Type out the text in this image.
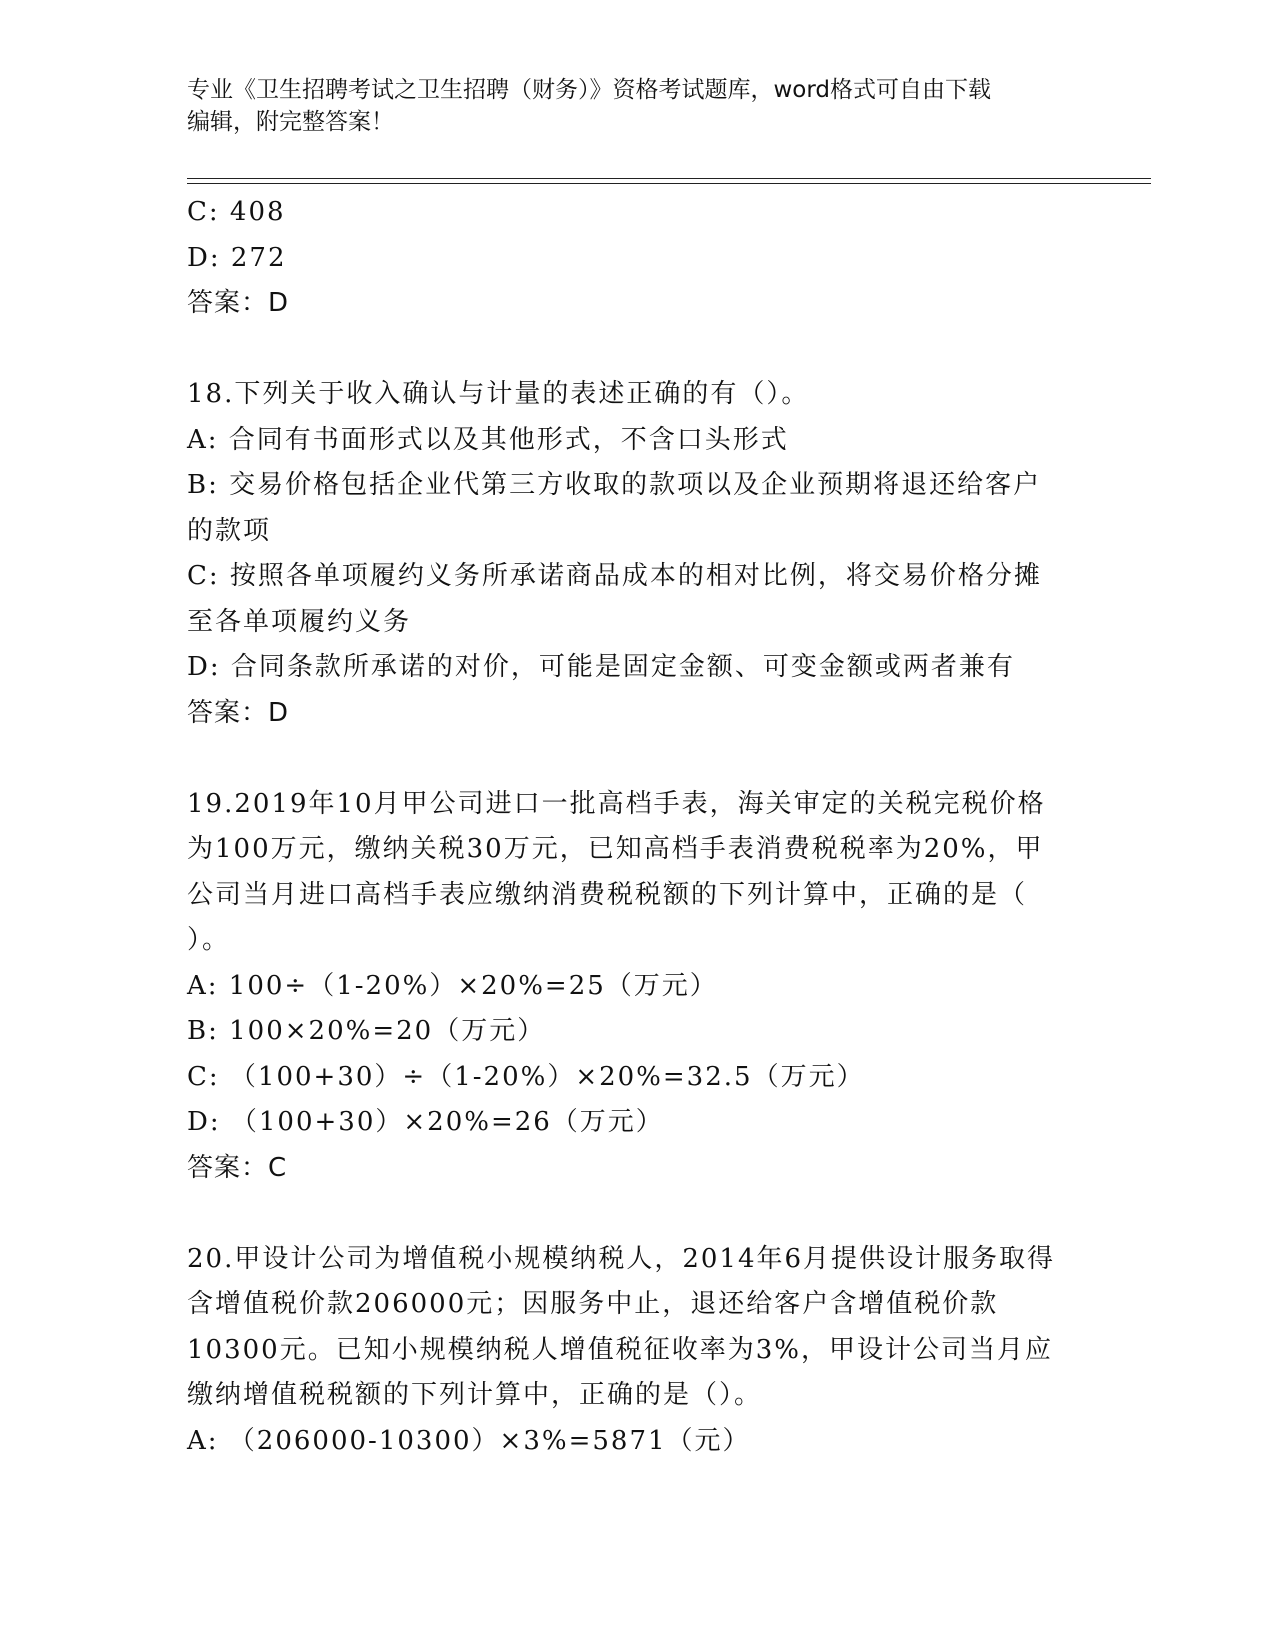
专业《卫生招聘考试之卫生招聘（财务）》资格考试题库，word格式可自由下载
编辑，附完整答案！
C: 408
D: 272
答案：D
18.下列关于收入确认与计量的表述正确的有（）。
A: 合同有书面形式以及其他形式，不含口头形式
B: 交易价格包括企业代第三方收取的款项以及企业预期将退还给客户
的款项
C: 按照各单项履约义务所承诺商品成本的相对比例，将交易价格分摊
至各单项履约义务
D: 合同条款所承诺的对价，可能是固定金额、可变金额或两者兼有
答案：D
19.2019年10月甲公司进口一批高档手表，海关审定的关税完税价格
为100万元，缴纳关税30万元，已知高档手表消费税税率为20%，甲
公司当月进口高档手表应缴纳消费税税额的下列计算中，正确的是（
）。
A: 100÷（1-20%）×20%=25（万元）
B: 100×20%=20（万元）
C: （100+30）÷（1-20%）×20%=32.5（万元）
D: （100+30）×20%=26（万元）
答案：C
20.甲设计公司为增值税小规模纳税人，2014年6月提供设计服务取得
含增值税价款206000元；因服务中止，退还给客户含增值税价款
10300元。已知小规模纳税人增值税征收率为3%，甲设计公司当月应
缴纳增值税税额的下列计算中，正确的是（）。
A: （206000-10300）×3%=5871（元）
